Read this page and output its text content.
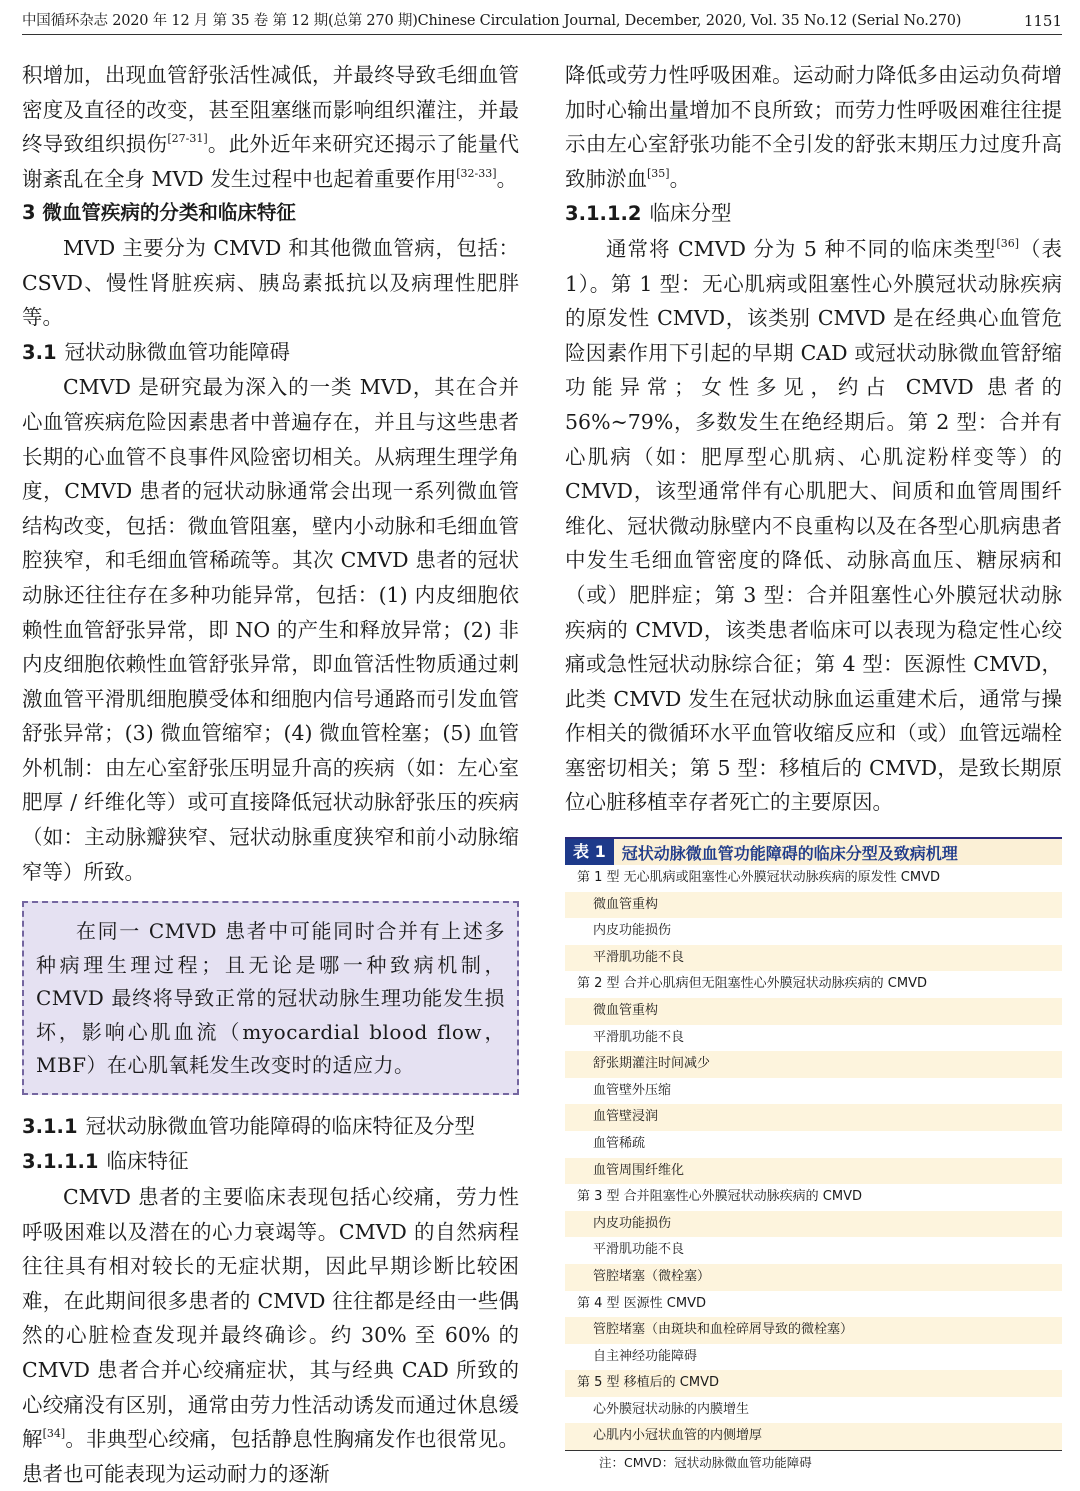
中国循环杂志 2020 年 12 月 第 35 卷 第 12 期(总第 270 期)Chinese Circulation Journal, December, 2020, Vol. 35 No.12 (Serial No.270)	1151

积增加，出现血管舒张活性减低，并最终导致毛细血管密度及直径的改变，甚至阻塞继而影响组织灌注，并最终导致组织损伤[27-31]。此外近年来研究还揭示了能量代谢紊乱在全身 MVD 发生过程中也起着重要作用[32-33]。

3 微血管疾病的分类和临床特征

MVD 主要分为 CMVD 和其他微血管病，包括：CSVD、慢性肾脏疾病、胰岛素抵抗以及病理性肥胖等。

3.1 冠状动脉微血管功能障碍

CMVD 是研究最为深入的一类 MVD，其在合并心血管疾病危险因素患者中普遍存在，并且与这些患者长期的心血管不良事件风险密切相关。从病理生理学角度，CMVD 患者的冠状动脉通常会出现一系列微血管结构改变，包括：微血管阻塞，壁内小动脉和毛细血管腔狭窄，和毛细血管稀疏等。其次 CMVD 患者的冠状动脉还往往存在多种功能异常，包括：(1) 内皮细胞依赖性血管舒张异常，即 NO 的产生和释放异常；(2) 非内皮细胞依赖性血管舒张异常，即血管活性物质通过刺激血管平滑肌细胞膜受体和细胞内信号通路而引发血管舒张异常；(3) 微血管缩窄；(4) 微血管栓塞；(5) 血管外机制：由左心室舒张压明显升高的疾病（如：左心室肥厚 / 纤维化等）或可直接降低冠状动脉舒张压的疾病（如：主动脉瓣狭窄、冠状动脉重度狭窄和前小动脉缩窄等）所致。

在同一 CMVD 患者中可能同时合并有上述多种病理生理过程；且无论是哪一种致病机制，CMVD 最终将导致正常的冠状动脉生理功能发生损坏，影响心肌血流（myocardial blood flow，MBF）在心肌氧耗发生改变时的适应力。

3.1.1 冠状动脉微血管功能障碍的临床特征及分型
3.1.1.1 临床特征

CMVD 患者的主要临床表现包括心绞痛，劳力性呼吸困难以及潜在的心力衰竭等。CMVD 的自然病程往往具有相对较长的无症状期，因此早期诊断比较困难，在此期间很多患者的 CMVD 往往都是经由一些偶然的心脏检查发现并最终确诊。约 30% 至 60% 的 CMVD 患者合并心绞痛症状，其与经典 CAD 所致的心绞痛没有区别，通常由劳力性活动诱发而通过休息缓解[34]。非典型心绞痛，包括静息性胸痛发作也很常见。患者也可能表现为运动耐力的逐渐

降低或劳力性呼吸困难。运动耐力降低多由运动负荷增加时心输出量增加不良所致；而劳力性呼吸困难往往提示由左心室舒张功能不全引发的舒张末期压力过度升高致肺淤血[35]。

3.1.1.2 临床分型

通常将 CMVD 分为 5 种不同的临床类型[36]（表 1）。第 1 型：无心肌病或阻塞性心外膜冠状动脉疾病的原发性 CMVD，该类别 CMVD 是在经典心血管危险因素作用下引起的早期 CAD 或冠状动脉微血管舒缩功能异常；女性多见，约占 CMVD 患者的 56%~79%，多数发生在绝经期后。第 2 型：合并有心肌病（如：肥厚型心肌病、心肌淀粉样变等）的 CMVD，该型通常伴有心肌肥大、间质和血管周围纤维化、冠状微动脉壁内不良重构以及在各型心肌病患者中发生毛细血管密度的降低、动脉高血压、糖尿病和（或）肥胖症；第 3 型：合并阻塞性心外膜冠状动脉疾病的 CMVD，该类患者临床可以表现为稳定性心绞痛或急性冠状动脉综合征；第 4 型：医源性 CMVD，此类 CMVD 发生在冠状动脉血运重建术后，通常与操作相关的微循环水平血管收缩反应和（或）血管远端栓塞密切相关；第 5 型：移植后的 CMVD，是致长期原位心脏移植幸存者死亡的主要原因。

表 1	冠状动脉微血管功能障碍的临床分型及致病机理
第 1 型 无心肌病或阻塞性心外膜冠状动脉疾病的原发性 CMVD
微血管重构
内皮功能损伤
平滑肌功能不良
第 2 型 合并心肌病但无阻塞性心外膜冠状动脉疾病的 CMVD
微血管重构
平滑肌功能不良
舒张期灌注时间减少
血管壁外压缩
血管壁浸润
血管稀疏
血管周围纤维化
第 3 型 合并阻塞性心外膜冠状动脉疾病的 CMVD
内皮功能损伤
平滑肌功能不良
管腔堵塞（微栓塞）
第 4 型 医源性 CMVD
管腔堵塞（由斑块和血栓碎屑导致的微栓塞）
自主神经功能障碍
第 5 型 移植后的 CMVD
心外膜冠状动脉的内膜增生
心肌内小冠状血管的内侧增厚
注：CMVD：冠状动脉微血管功能障碍
